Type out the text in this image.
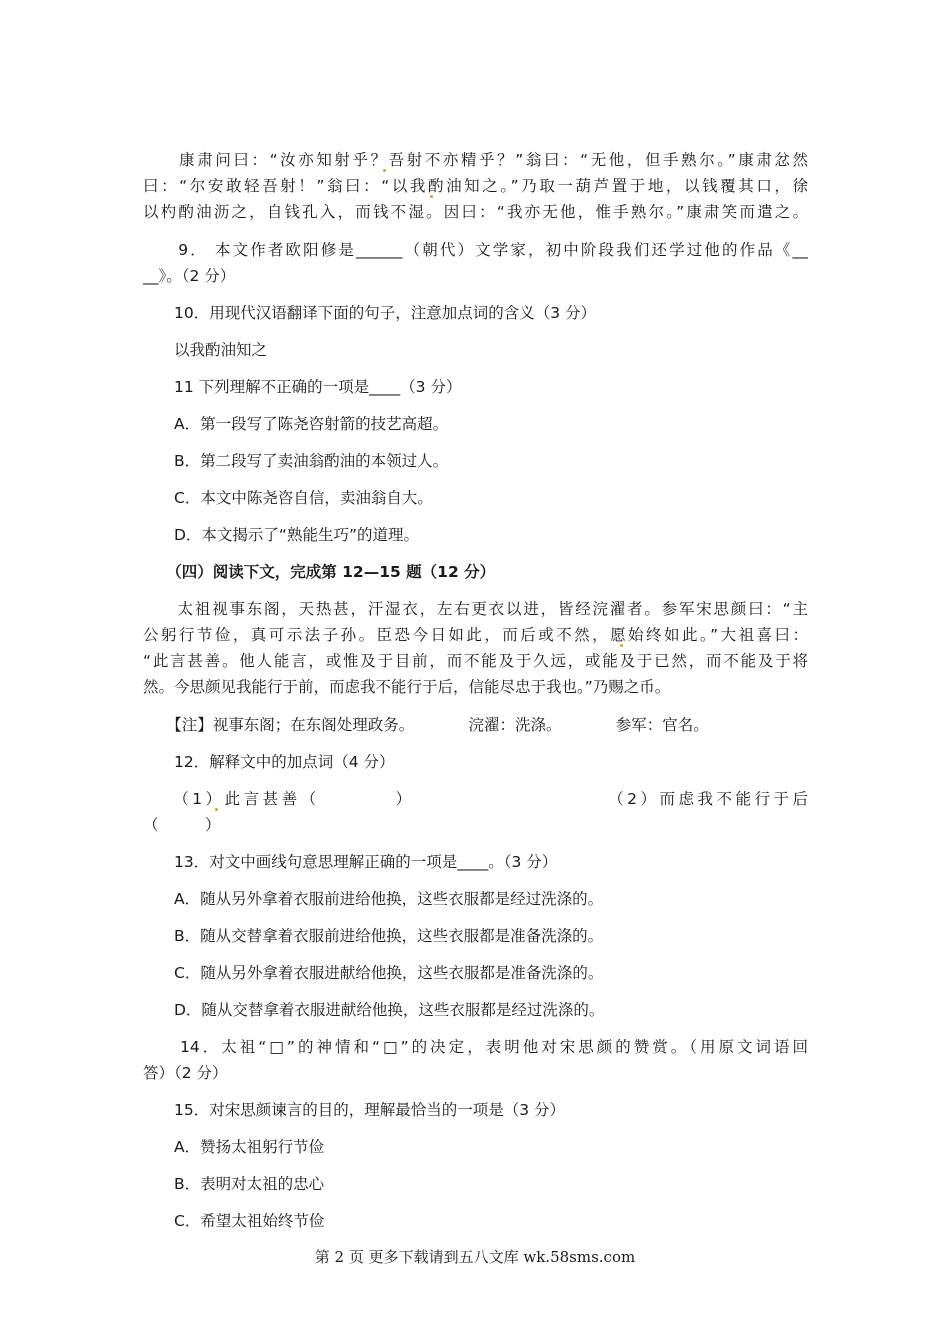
　　康肃问曰：“汝亦知射乎？吾射不亦精乎？”翁曰：“无他，但手熟尔。”康肃忿然
曰：“尔安敢轻吾射！”翁曰：“以我酌油知之。”乃取一葫芦置于地，以钱覆其口，徐
以杓酌油沥之，自钱孔入，而钱不湿。因曰：“我亦无他，惟手熟尔。”康肃笑而遣之。
　　9． 本文作者欧阳修是______（朝代）文学家，初中阶段我们还学过他的作品《__
__》。（2 分）
　　10．用现代汉语翻译下面的句子，注意加点词的含义（3 分）
　　以我酌油知之
　　11 下列理解不正确的一项是____（3 分）
　　A．第一段写了陈尧咨射箭的技艺高超。
　　B．第二段写了卖油翁酌油的本领过人。
　　C．本文中陈尧咨自信，卖油翁自大。
　　D．本文揭示了“熟能生巧”的道理。
　　（四）阅读下文，完成第 12—15 题（12 分）
　　太祖视事东阁，天热甚，汗湿衣，左右更衣以进，皆经浣濯者。参军宋思颜曰：“主
公躬行节俭，真可示法子孙。臣恐今日如此，而后或不然，愿始终如此。”大祖喜曰：
“此言甚善。他人能言，或惟及于目前，而不能及于久远，或能及于已然，而不能及于将
然。今思颜见我能行于前，而虑我不能行于后，信能尽忠于我也。”乃赐之币。
　　【注】视事东阁；在东阁处理政务。　　　　浣濯：洗涤。　　　　参军：官名。
　　12．解释文中的加点词（4 分）
　　（1）此言甚善（　　　　）　　　　　　　　　　　（2）而虑我不能行于后
（　　　）
　　13．对文中画线句意思理解正确的一项是____。（3 分）
　　A．随从另外拿着衣服前进给他换，这些衣服都是经过洗涤的。
　　B．随从交替拿着衣服前进给他换，这些衣服都是准备洗涤的。
　　C．随从另外拿着衣服进献给他换，这些衣服都是准备洗涤的。
　　D．随从交替拿着衣服进献给他换，这些衣服都是经过洗涤的。
　　14．太祖“□”的神情和“□”的决定，表明他对宋思颜的赞赏。（用原文词语回
答）（2 分）
　　15．对宋思颜谏言的目的，理解最恰当的一项是（3 分）
　　A．赞扬太祖躬行节俭
　　B．表明对太祖的忠心
　　C．希望太祖始终节俭
第 2 页 更多下载请到五八文库 wk.58sms.com
